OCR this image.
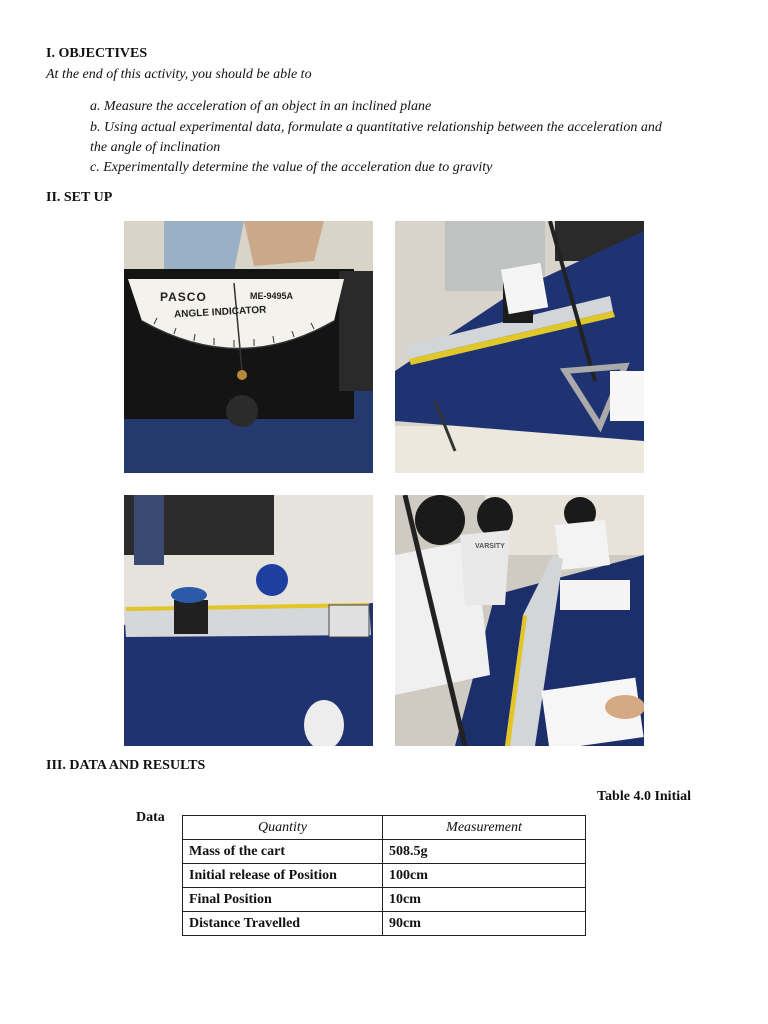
I. OBJECTIVES
At the end of this activity, you should be able to
a. Measure the acceleration of an object in an inclined plane
b. Using actual experimental data, formulate a quantitative relationship between the acceleration and
the angle of inclination
c. Experimentally determine the value of the acceleration due to gravity
II. SET UP
PASCO	ME-9495A
ANGLE INDICATOR
VARSITY
III. DATA AND RESULTS
Table 4.0 Initial
Data
Quantity	Measurement
Mass of the cart	508.5g
Initial release of Position	100cm
Final Position	10cm
Distance Travelled	90cm
